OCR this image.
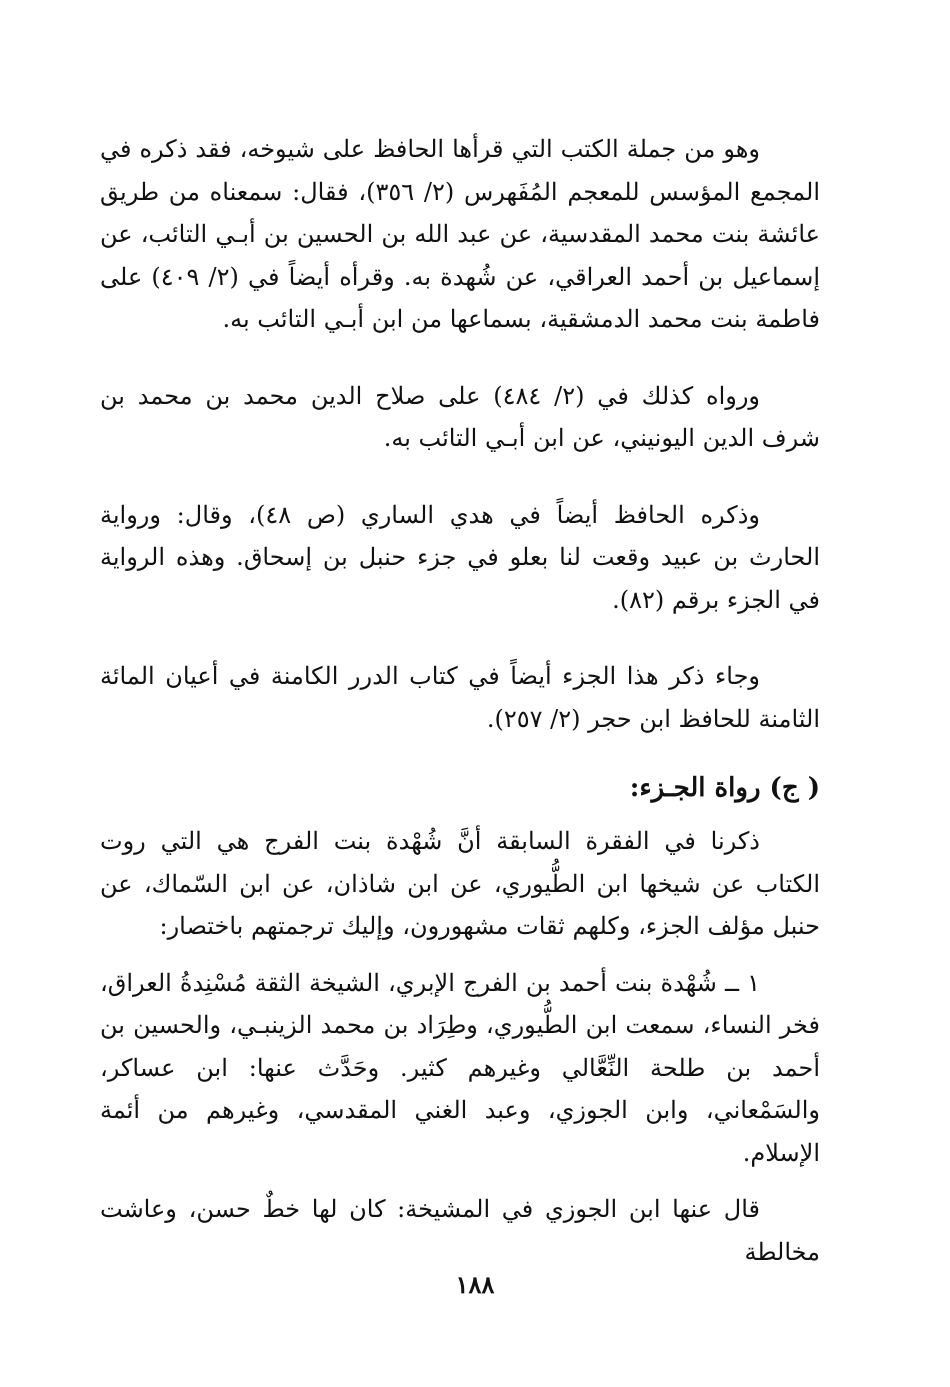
وهو من جملة الكتب التي قرأها الحافظ على شيوخه، فقد ذكره في المجمع المؤسس للمعجم المُفَهرس (٢/ ٣٥٦)، فقال: سمعناه من طريق عائشة بنت محمد المقدسية، عن عبد الله بن الحسين بن أبـي التائب، عن إسماعيل بن أحمد العراقي، عن شُهدة به. وقرأه أيضاً في (٢/ ٤٠٩) على فاطمة بنت محمد الدمشقية، بسماعها من ابن أبـي التائب به.

ورواه كذلك في (٢/ ٤٨٤) على صلاح الدين محمد بن محمد بن شرف الدين اليونيني، عن ابن أبـي التائب به.

وذكره الحافظ أيضاً في هدي الساري (ص ٤٨)، وقال: ورواية الحارث بن عبيد وقعت لنا بعلو في جزء حنبل بن إسحاق. وهذه الرواية في الجزء برقم (٨٢).

وجاء ذكر هذا الجزء أيضاً في كتاب الدرر الكامنة في أعيان المائة الثامنة للحافظ ابن حجر (٢/ ٢٥٧).

( ج) رواة الجـزء:

ذكرنا في الفقرة السابقة أنَّ شُهْدة بنت الفرج هي التي روت الكتاب عن شيخها ابن الطُّيوري، عن ابن شاذان، عن ابن السّماك، عن حنبل مؤلف الجزء، وكلهم ثقات مشهورون، وإليك ترجمتهم باختصار:

١ ــ شُهْدة بنت أحمد بن الفرج الإبري، الشيخة الثقة مُسْنِدةُ العراق، فخر النساء، سمعت ابن الطُّيوري، وطِرَاد بن محمد الزينبـي، والحسين بن أحمد بن طلحة النِّعَّالي وغيرهم كثير. وحَدَّث عنها: ابن عساكر، والسَمْعاني، وابن الجوزي، وعبد الغني المقدسي، وغيرهم من أئمة الإسلام.

قال عنها ابن الجوزي في المشيخة: كان لها خطٌ حسن، وعاشت مخالطة

١٨٨
